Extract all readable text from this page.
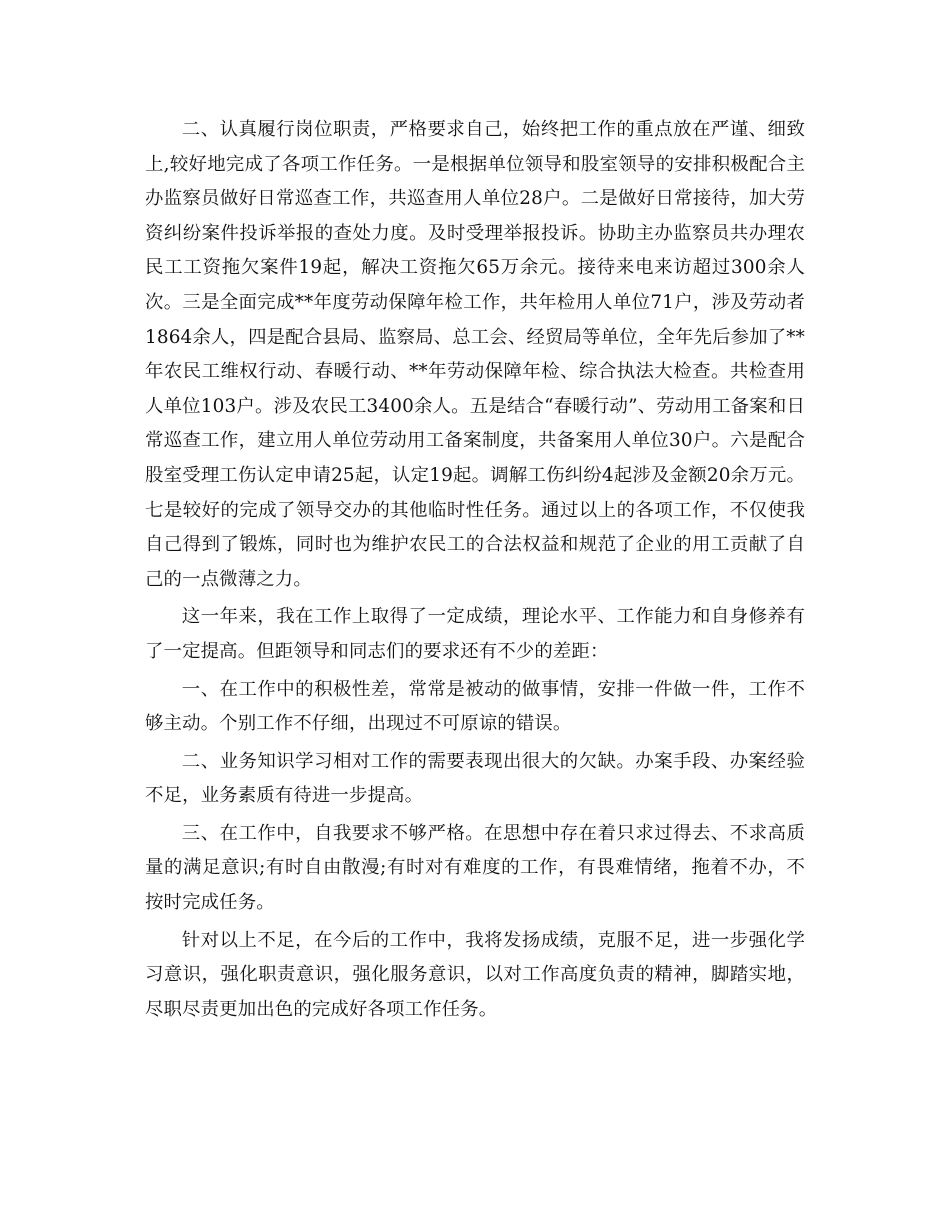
二、认真履行岗位职责，严格要求自己，始终把工作的重点放在严谨、细致上,较好地完成了各项工作任务。一是根据单位领导和股室领导的安排积极配合主办监察员做好日常巡查工作，共巡查用人单位28户。二是做好日常接待，加大劳资纠纷案件投诉举报的查处力度。及时受理举报投诉。协助主办监察员共办理农民工工资拖欠案件19起，解决工资拖欠65万余元。接待来电来访超过300余人次。三是全面完成**年度劳动保障年检工作，共年检用人单位71户，涉及劳动者1864余人，四是配合县局、监察局、总工会、经贸局等单位，全年先后参加了**年农民工维权行动、春暖行动、**年劳动保障年检、综合执法大检查。共检查用人单位103户。涉及农民工3400余人。五是结合“春暖行动”、劳动用工备案和日常巡查工作，建立用人单位劳动用工备案制度，共备案用人单位30户。六是配合股室受理工伤认定申请25起，认定19起。调解工伤纠纷4起涉及金额20余万元。七是较好的完成了领导交办的其他临时性任务。通过以上的各项工作，不仅使我自己得到了锻炼，同时也为维护农民工的合法权益和规范了企业的用工贡献了自己的一点微薄之力。

这一年来，我在工作上取得了一定成绩，理论水平、工作能力和自身修养有了一定提高。但距领导和同志们的要求还有不少的差距：

一、在工作中的积极性差，常常是被动的做事情，安排一件做一件，工作不够主动。个别工作不仔细，出现过不可原谅的错误。

二、业务知识学习相对工作的需要表现出很大的欠缺。办案手段、办案经验不足，业务素质有待进一步提高。

三、在工作中，自我要求不够严格。在思想中存在着只求过得去、不求高质量的满足意识;有时自由散漫;有时对有难度的工作，有畏难情绪，拖着不办，不按时完成任务。

针对以上不足，在今后的工作中，我将发扬成绩，克服不足，进一步强化学习意识，强化职责意识，强化服务意识，以对工作高度负责的精神，脚踏实地，尽职尽责更加出色的完成好各项工作任务。
